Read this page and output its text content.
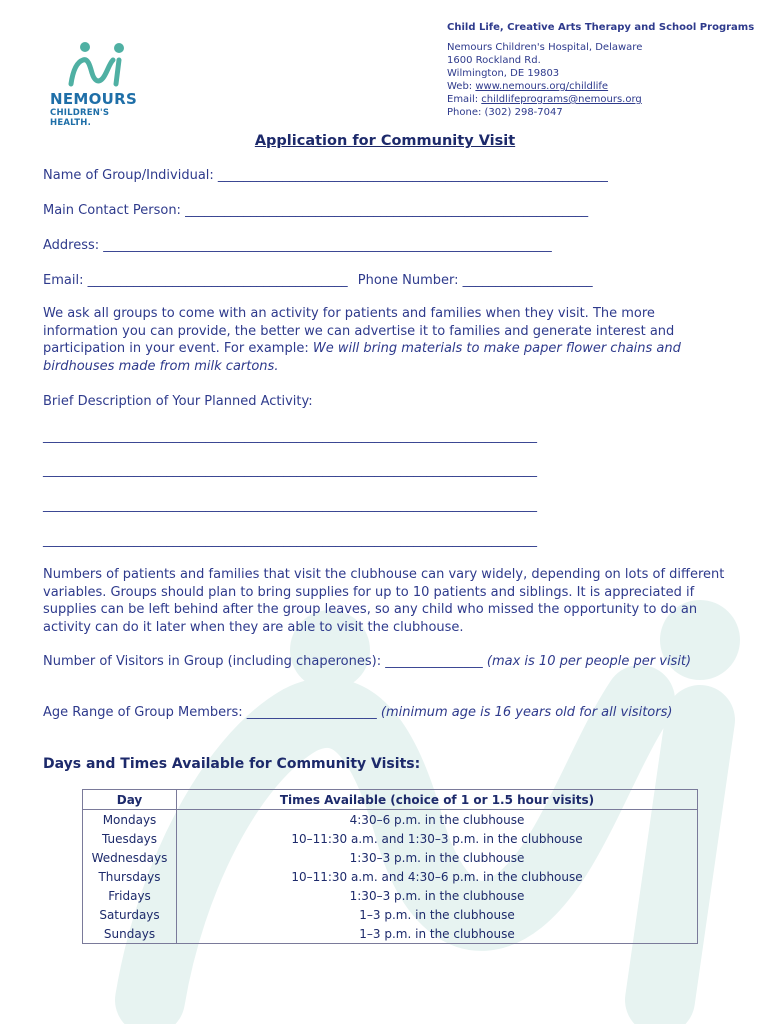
NEMOURS
CHILDREN'S HEALTH.
Child Life, Creative Arts Therapy and School Programs
Nemours Children's Hospital, Delaware
1600 Rockland Rd.
Wilmington, DE 19803
Web: www.nemours.org/childlife
Email: childlifeprograms@nemours.org
Phone: (302) 298-7047
Application for Community Visit
Name of Group/Individual: ____________________________________________________________
Main Contact Person: ______________________________________________________________
Address: _____________________________________________________________________
Email: ________________________________________ Phone Number: ____________________
We ask all groups to come with an activity for patients and families when they visit. The more information you can provide, the better we can advertise it to families and generate interest and participation in your event. For example: We will bring materials to make paper flower chains and birdhouses made from milk cartons.
Brief Description of Your Planned Activity:
____________________________________________________________________________
____________________________________________________________________________
____________________________________________________________________________
____________________________________________________________________________
Numbers of patients and families that visit the clubhouse can vary widely, depending on lots of different variables. Groups should plan to bring supplies for up to 10 patients and siblings. It is appreciated if supplies can be left behind after the group leaves, so any child who missed the opportunity to do an activity can do it later when they are able to visit the clubhouse.
Number of Visitors in Group (including chaperones): _______________ (max is 10 per people per visit)
Age Range of Group Members: ____________________ (minimum age is 16 years old for all visitors)
Days and Times Available for Community Visits:
Day	Times Available (choice of 1 or 1.5 hour visits)
Mondays	4:30–6 p.m. in the clubhouse
Tuesdays	10–11:30 a.m. and 1:30–3 p.m. in the clubhouse
Wednesdays	1:30–3 p.m. in the clubhouse
Thursdays	10–11:30 a.m. and 4:30–6 p.m. in the clubhouse
Fridays	1:30–3 p.m. in the clubhouse
Saturdays	1–3 p.m. in the clubhouse
Sundays	1–3 p.m. in the clubhouse
